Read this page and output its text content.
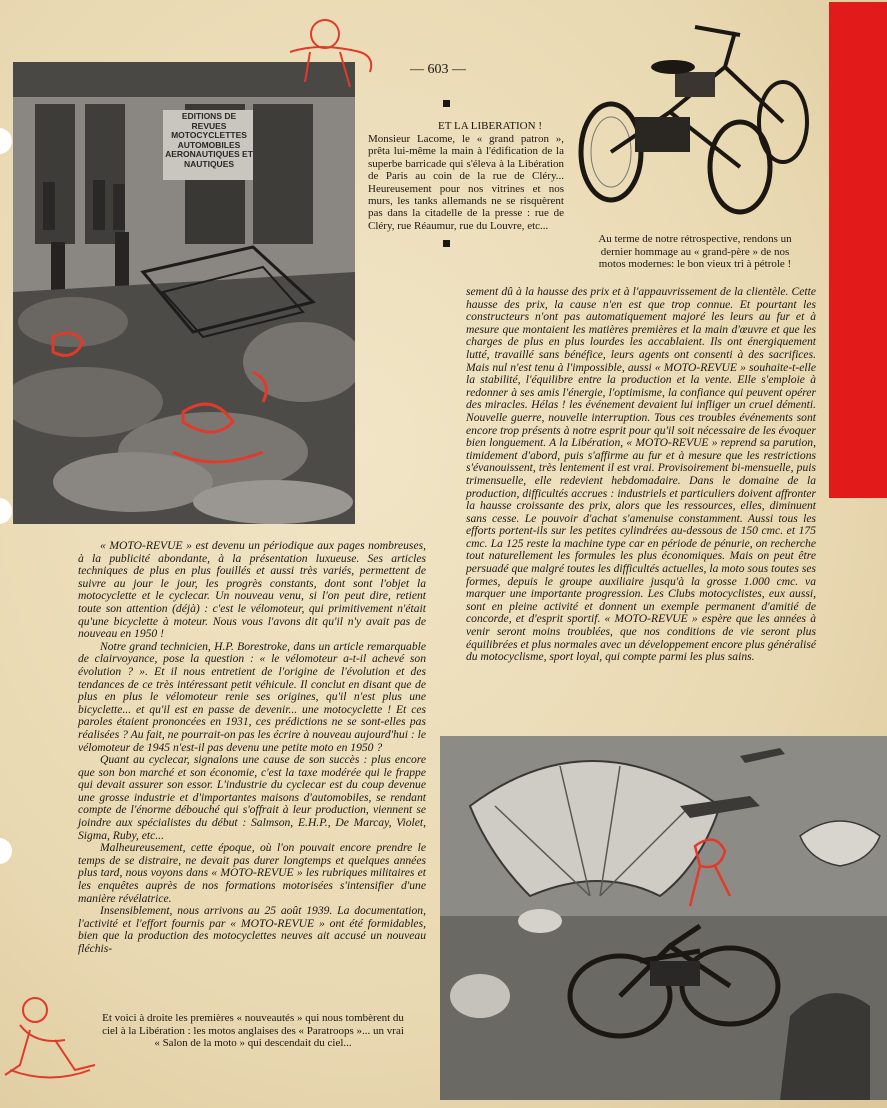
— 603 —
EDITIONS DE REVUES MOTOCYCLETTES AUTOMOBILES AERONAUTIQUES ET NAUTIQUES
ET LA LIBERATION !
Monsieur Lacome, le « grand patron », prêta lui-même la main à l'édification de la superbe barricade qui s'éleva à la Libération de Paris au coin de la rue de Cléry... Heureusement pour nos vitrines et nos murs, les tanks allemands ne se risquèrent pas dans la citadelle de la presse : rue de Cléry, rue Réaumur, rue du Louvre, etc...
Au terme de notre rétrospective, rendons un dernier hommage au « grand-père » de nos motos modernes: le bon vieux tri à pétrole !

sement dû à la hausse des prix et à l'appauvrissement de la clientèle. Cette hausse des prix, la cause n'en est que trop connue. Et pourtant les constructeurs n'ont pas automatiquement majoré les leurs au fur et à mesure que montaient les matières premières et la main d'œuvre et que les charges de plus en plus lourdes les accablaient. Ils ont énergiquement lutté, travaillé sans bénéfice, leurs agents ont consenti à des sacrifices. Mais nul n'est tenu à l'impossible, aussi « MOTO-REVUE » souhaite-t-elle la stabilité, l'équilibre entre la production et la vente. Elle s'emploie à redonner à ses amis l'énergie, l'optimisme, la confiance qui peuvent opérer des miracles. Hélas ! les événement devaient lui infliger un cruel démenti. Nouvelle guerre, nouvelle interruption. Tous ces troubles événements sont encore trop présents à notre esprit pour qu'il soit nécessaire de les évoquer bien longuement. A la Libération, « MOTO-REVUE » reprend sa parution, timidement d'abord, puis s'affirme au fur et à mesure que les restrictions s'évanouissent, très lentement il est vrai. Provisoirement bi-mensuelle, puis trimensuelle, elle redevient hebdomadaire. Dans le domaine de la production, difficultés accrues : industriels et particuliers doivent affronter la hausse croissante des prix, alors que les ressources, elles, diminuent sans cesse. Le pouvoir d'achat s'amenuise constamment. Aussi tous les efforts portent-ils sur les petites cylindrées au-dessous de 150 cmc. et 175 cmc. La 125 reste la machine type car en période de pénurie, on recherche tout naturellement les formules les plus économiques. Mais on peut être persuadé que malgré toutes les difficultés actuelles, la moto sous toutes ses formes, depuis le groupe auxiliaire jusqu'à la grosse 1.000 cmc. va marquer une importante progression. Les Clubs motocyclistes, eux aussi, sont en pleine activité et donnent un exemple permanent d'amitié de concorde, et d'esprit sportif. « MOTO-REVUE » espère que les années à venir seront moins troublées, que nos conditions de vie seront plus équilibrées et plus normales avec un développement encore plus généralisé du motocyclisme, sport loyal, qui compte parmi les plus sains.

« MOTO-REVUE » est devenu un périodique aux pages nombreuses, à la publicité abondante, à la présentation luxueuse. Ses articles techniques de plus en plus fouillés et aussi très variés, permettent de suivre au jour le jour, les progrès constants, dont sont l'objet la motocyclette et le cyclecar. Un nouveau venu, si l'on peut dire, retient toute son attention (déjà) : c'est le vélomoteur, qui primitivement n'était qu'une bicyclette à moteur. Nous vous l'avons dit qu'il n'y avait pas de nouveau en 1950 !

Notre grand technicien, H.P. Borestroke, dans un article remarquable de clairvoyance, pose la question : « le vélomoteur a-t-il achevé son évolution ? ». Et il nous entretient de l'origine de l'évolution et des tendances de ce très intéressant petit véhicule. Il conclut en disant que de plus en plus le vélomoteur renie ses origines, qu'il n'est plus une bicyclette... et qu'il est en passe de devenir... une motocyclette ! Et ces paroles étaient prononcées en 1931, ces prédictions ne se sont-elles pas réalisées ? Au fait, ne pourrait-on pas les écrire à nouveau aujourd'hui : le vélomoteur de 1945 n'est-il pas devenu une petite moto en 1950 ?

Quant au cyclecar, signalons une cause de son succès : plus encore que son bon marché et son économie, c'est la taxe modérée qui le frappe qui devait assurer son essor. L'industrie du cyclecar est du coup devenue une grosse industrie et d'importantes maisons d'automobiles, se rendant compte de l'énorme débouché qui s'offrait à leur production, viennent se joindre aux spécialistes du début : Salmson, E.H.P., De Marcay, Violet, Sigma, Ruby, etc...

Malheureusement, cette époque, où l'on pouvait encore prendre le temps de se distraire, ne devait pas durer longtemps et quelques années plus tard, nous voyons dans « MOTO-REVUE » les rubriques militaires et les enquêtes auprès de nos formations motorisées s'intensifier d'une manière révélatrice.

Insensiblement, nous arrivons au 25 août 1939. La documentation, l'activité et l'effort fournis par « MOTO-REVUE » ont été formidables, bien que la production des motocyclettes neuves ait accusé un nouveau fléchis-

Et voici à droite les premières « nouveautés » qui nous tombèrent du ciel à la Libération : les motos anglaises des « Paratroops »... un vrai « Salon de la moto » qui descendait du ciel...
